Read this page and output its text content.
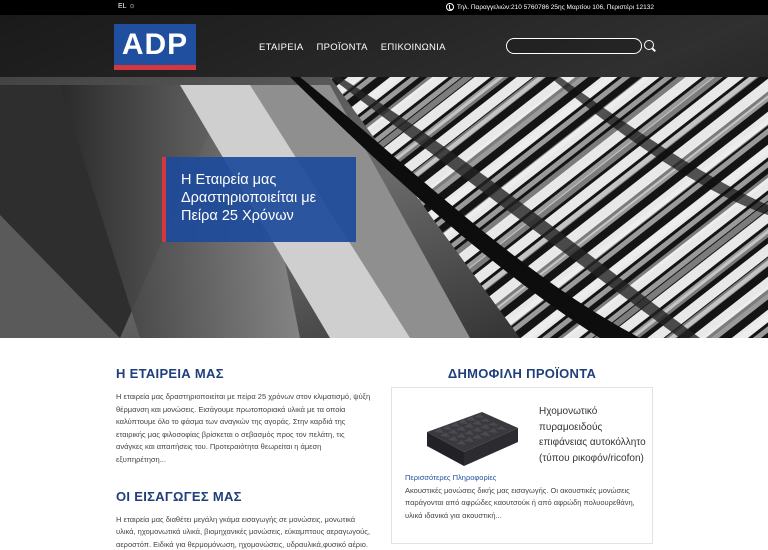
EL ⊙	Τηλ. Παραγγελιών:210 5760786 25ης Μαρτίου 106, Περιστέρι 12132
ADP	ΕΤΑΙΡΕΙΑ ΠΡΟΪΟΝΤΑ ΕΠΙΚΟΙΝΩΝΙΑ
Η Εταιρεία μας Δραστηριοποιείται με Πείρα 25 Χρόνων
Η ΕΤΑΙΡΕΙΑ ΜΑΣ

Η εταιρεία μας δραστηριοποιείται με πείρα 25 χρόνων στον κλιματισμό, ψύξη θέρμανση και μονώσεις. Εισάγουμε πρωτοποριακά υλικά με τα οποία καλύπτουμε όλο το φάσμα των αναγκών της αγοράς. Στην καρδιά της εταιρικής μας φιλοσοφίας βρίσκεται ο σεβασμός προς τον πελάτη, τις ανάγκες και απαιτήσεις του. Προτεραιότητα θεωρείται η άμεση εξυπηρέτηση...

ΟΙ ΕΙΣΑΓΩΓΕΣ ΜΑΣ

Η εταιρεία μας διαθέτει μεγάλη γκάμα εισαγωγής σε μονώσεις, μονωτικά υλικά, ηχομονωτικά υλικά, βιομηχανικές μονώσεις, εύκαμπτους αεραγωγούς, αεροστόπ. Ειδικά για θερμομόνωση, ηχομονώσεις, υδραυλικά,φυσικό αέριο.

ΔΗΜΟΦΙΛΗ ΠΡΟΪΟΝΤΑ
Ηχομονωτικό πυραμοειδούς επιφάνειας αυτοκόλλητο (τύπου ρικοφόν/ricofon)
Περισσότερες Πληροφορίες

Ακουστικές μονώσεις δικής μας εισαγωγής. Οι ακουστικές μονώσεις παράγονται από αφρώδες καουτσούκ ή από αφρώδη πολυουρεθάνη, υλικά ιδανικά για ακουστική...
